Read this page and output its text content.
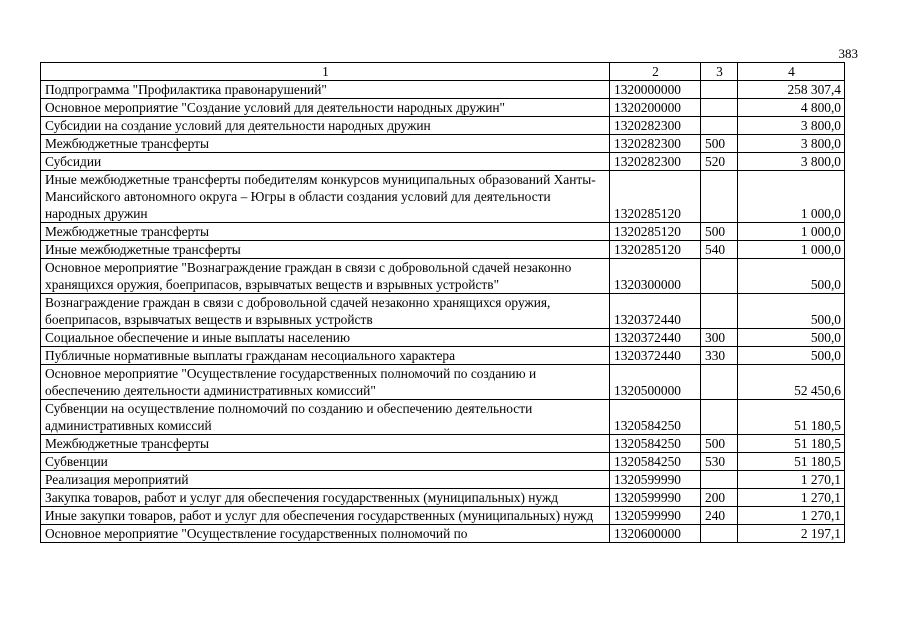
383
1	2	3	4
Подпрограмма "Профилактика правонарушений"	1320000000		258 307,4
Основное мероприятие "Создание условий для деятельности народных дружин"	1320200000		4 800,0
Субсидии на создание условий для деятельности народных дружин	1320282300		3 800,0
Межбюджетные трансферты	1320282300	500	3 800,0
Субсидии	1320282300	520	3 800,0
Иные межбюджетные трансферты победителям конкурсов муниципальных образований Ханты-Мансийского автономного округа – Югры в области создания условий для деятельности народных дружин	1320285120		1 000,0
Межбюджетные трансферты	1320285120	500	1 000,0
Иные межбюджетные трансферты	1320285120	540	1 000,0
Основное мероприятие "Вознаграждение граждан в связи с добровольной сдачей незаконно хранящихся оружия, боеприпасов, взрывчатых веществ и взрывных устройств"	1320300000		500,0
Вознаграждение граждан в связи с добровольной сдачей незаконно хранящихся оружия, боеприпасов, взрывчатых веществ и взрывных устройств	1320372440		500,0
Социальное обеспечение и иные выплаты населению	1320372440	300	500,0
Публичные нормативные выплаты гражданам несоциального характера	1320372440	330	500,0
Основное мероприятие "Осуществление государственных полномочий по созданию и обеспечению деятельности административных комиссий"	1320500000		52 450,6
Субвенции на осуществление полномочий по созданию и обеспечению деятельности административных комиссий	1320584250		51 180,5
Межбюджетные трансферты	1320584250	500	51 180,5
Субвенции	1320584250	530	51 180,5
Реализация мероприятий	1320599990		1 270,1
Закупка товаров, работ и услуг для обеспечения государственных (муниципальных) нужд	1320599990	200	1 270,1
Иные закупки товаров, работ и услуг для обеспечения государственных (муниципальных) нужд	1320599990	240	1 270,1
Основное мероприятие "Осуществление государственных полномочий по	1320600000		2 197,1
